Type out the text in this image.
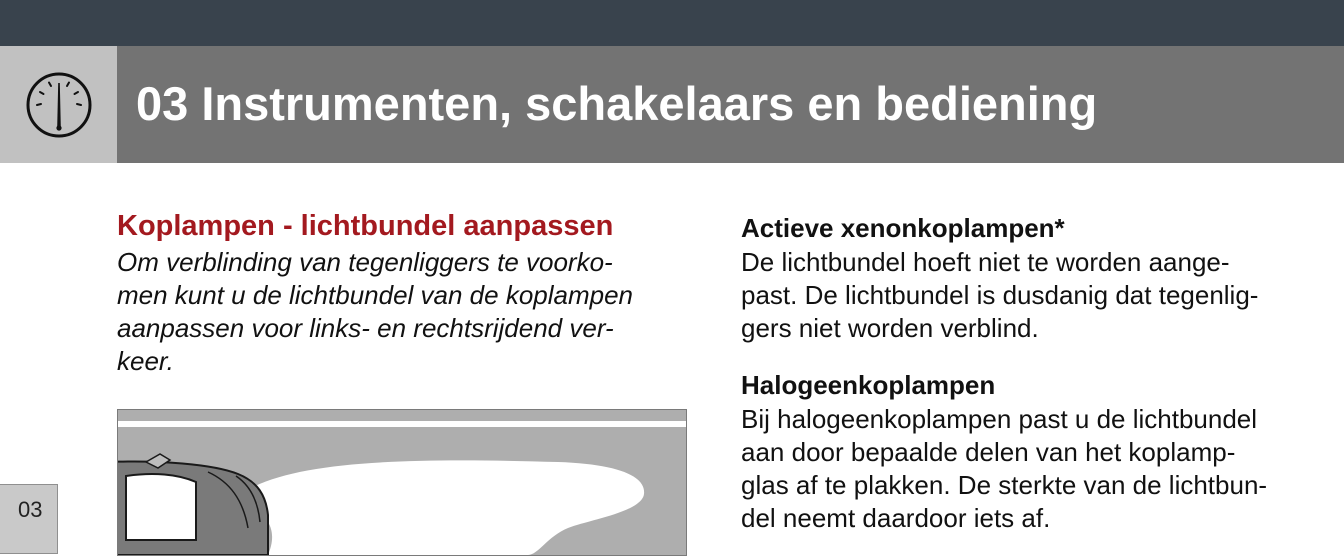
03 Instrumenten, schakelaars en bediening
Koplampen - lichtbundel aanpassen

Om verblinding van tegenliggers te voorko-
men kunt u de lichtbundel van de koplampen
aanpassen voor links- en rechtsrijdend ver-
keer.

Actieve xenonkoplampen*

De lichtbundel hoeft niet te worden aange-
past. De lichtbundel is dusdanig dat tegenlig-
gers niet worden verblind.

Halogeenkoplampen

Bij halogeenkoplampen past u de lichtbundel
aan door bepaalde delen van het koplamp-
glas af te plakken. De sterkte van de lichtbun-
del neemt daardoor iets af.

03
